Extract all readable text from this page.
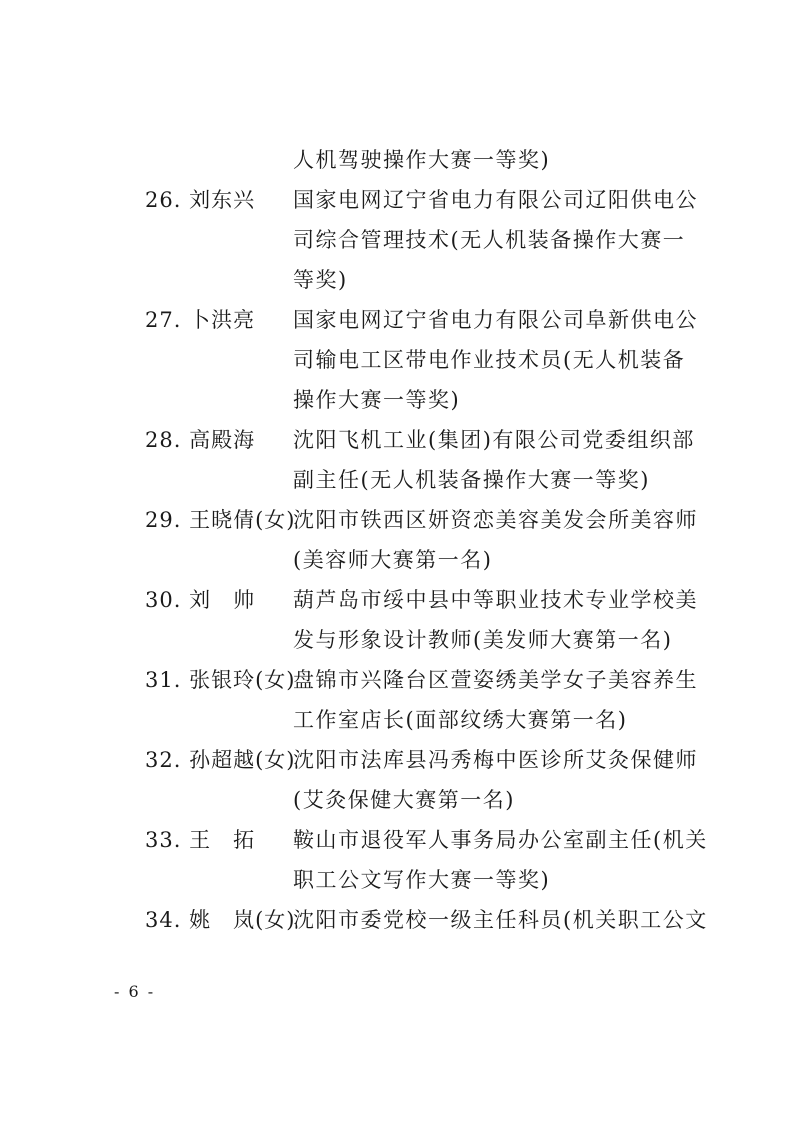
人机驾驶操作大赛一等奖)
26. 刘东兴 国家电网辽宁省电力有限公司辽阳供电公
司综合管理技术(无人机装备操作大赛一
等奖)
27. 卜洪亮 国家电网辽宁省电力有限公司阜新供电公
司输电工区带电作业技术员(无人机装备
操作大赛一等奖)
28. 高殿海 沈阳飞机工业(集团)有限公司党委组织部
副主任(无人机装备操作大赛一等奖)
29. 王晓倩(女)
沈阳市铁西区妍资恋美容美发会所美容师
(美容师大赛第一名)
30. 刘　帅 葫芦岛市绥中县中等职业技术专业学校美
发与形象设计教师(美发师大赛第一名)
31. 张银玲(女)
盘锦市兴隆台区萱姿绣美学女子美容养生
工作室店长(面部纹绣大赛第一名)
32. 孙超越(女)
沈阳市法库县冯秀梅中医诊所艾灸保健师
(艾灸保健大赛第一名)
33. 王　拓 鞍山市退役军人事务局办公室副主任(机关
职工公文写作大赛一等奖)
34. 姚　岚(女)
沈阳市委党校一级主任科员(机关职工公文
- 6 -
